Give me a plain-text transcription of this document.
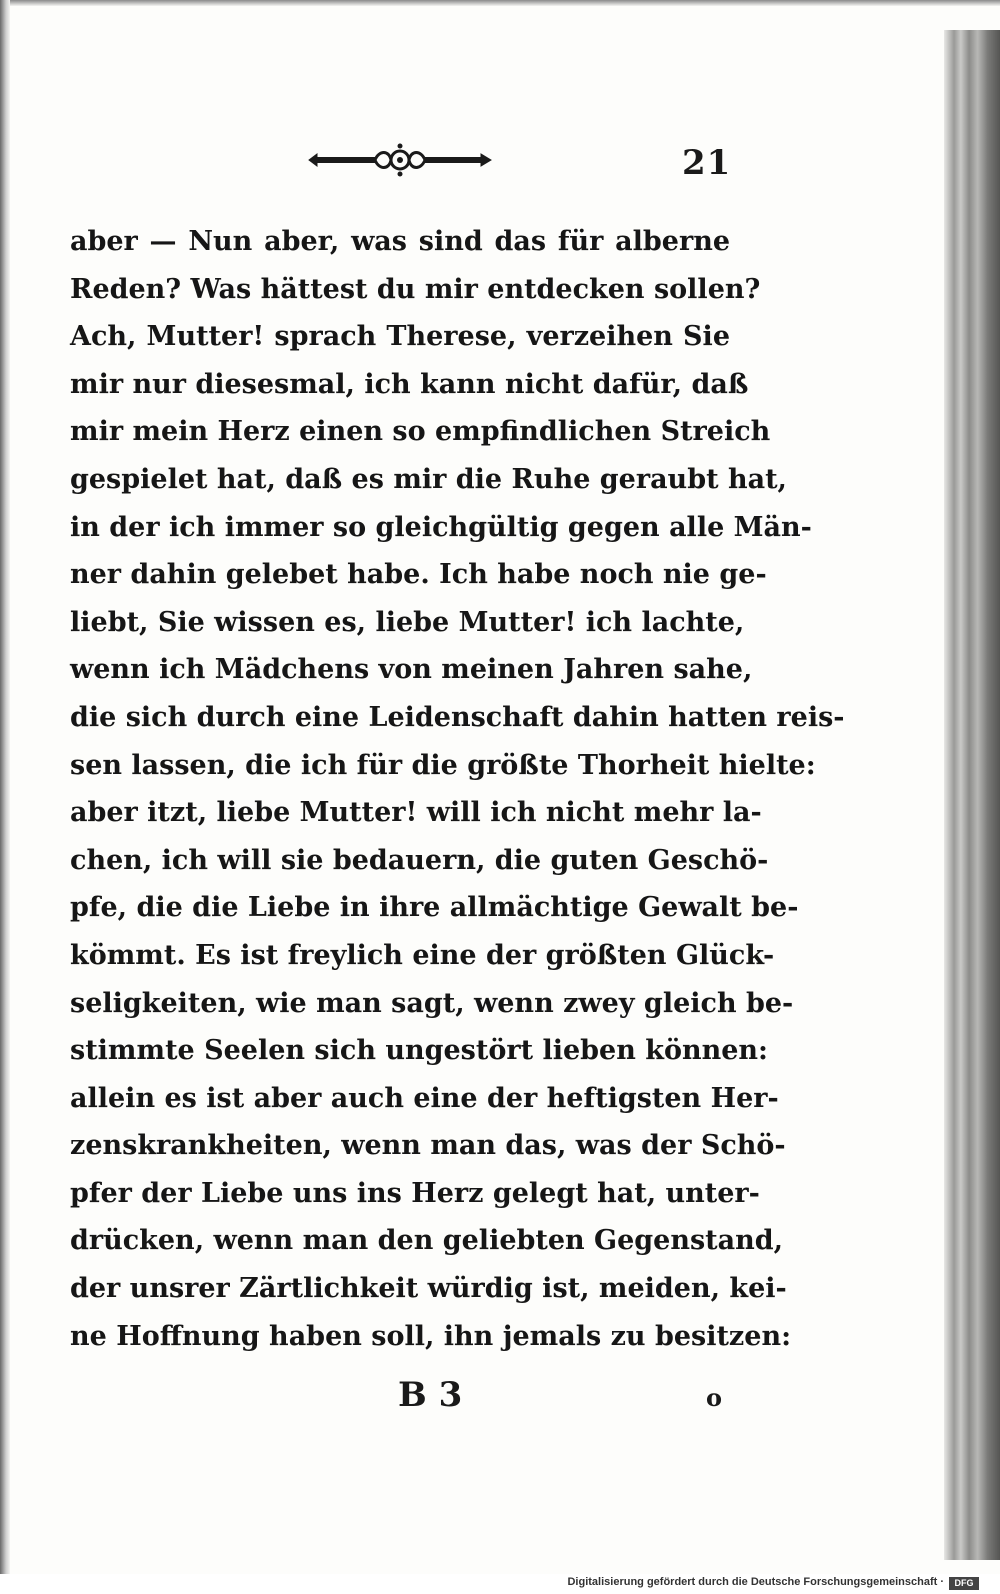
21
aber — Nun aber, was sind das für alberne
Reden? Was hättest du mir entdecken sollen?
Ach, Mutter! sprach Therese, verzeihen Sie
mir nur diesesmal, ich kann nicht dafür, daß
mir mein Herz einen so empfindlichen Streich
gespielet hat, daß es mir die Ruhe geraubt hat,
in der ich immer so gleichgültig gegen alle Män-
ner dahin gelebet habe. Ich habe noch nie ge-
liebt, Sie wissen es, liebe Mutter! ich lachte,
wenn ich Mädchens von meinen Jahren sahe,
die sich durch eine Leidenschaft dahin hatten reis-
sen lassen, die ich für die größte Thorheit hielte:
aber itzt, liebe Mutter! will ich nicht mehr la-
chen, ich will sie bedauern, die guten Geschö-
pfe, die die Liebe in ihre allmächtige Gewalt be-
kömmt. Es ist freylich eine der größten Glück-
seligkeiten, wie man sagt, wenn zwey gleich be-
stimmte Seelen sich ungestört lieben können:
allein es ist aber auch eine der heftigsten Her-
zenskrankheiten, wenn man das, was der Schö-
pfer der Liebe uns ins Herz gelegt hat, unter-
drücken, wenn man den geliebten Gegenstand,
der unsrer Zärtlichkeit würdig ist, meiden, kei-
ne Hoffnung haben soll, ihn jemals zu besitzen:
B 3	o
Digitalisierung gefördert durch die Deutsche Forschungsgemeinschaft ·	DFG
